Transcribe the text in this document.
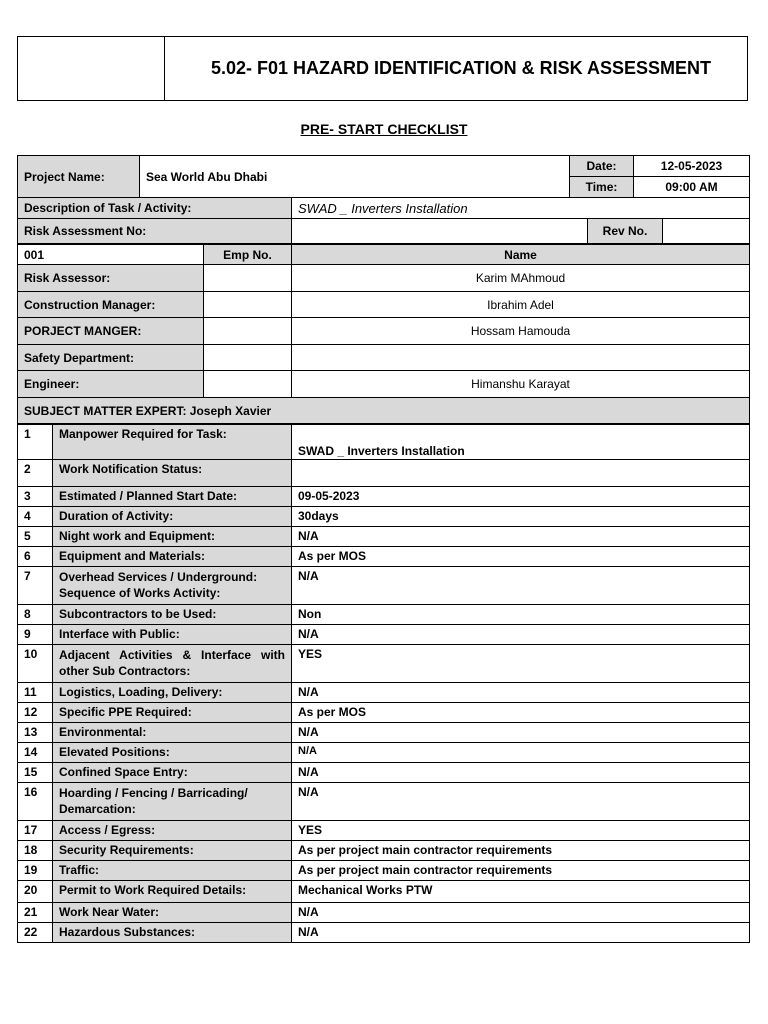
5.02- F01 HAZARD IDENTIFICATION & RISK ASSESSMENT
PRE- START CHECKLIST
Project Name:	Sea World Abu Dhabi	Date:	12-05-2023
		Time:	09:00 AM
Description of Task / Activity:	SWAD _ Inverters Installation		
Risk Assessment No:		Rev No.	
001	Emp No.	Name
Risk Assessor:		Karim MAhmoud
Construction Manager:		Ibrahim Adel
PORJECT MANGER:		Hossam Hamouda
Safety Department:		
Engineer:		Himanshu Karayat
SUBJECT MATTER EXPERT: Joseph Xavier		
1	Manpower Required for Task:	SWAD _ Inverters Installation
2	Work Notification Status:	
3	Estimated / Planned Start Date:	09-05-2023
4	Duration of Activity:	30days
5	Night work and Equipment:	N/A
6	Equipment and Materials:	As per MOS
7	Overhead Services / Underground: Sequence of Works Activity:	N/A
8	Subcontractors to be Used:	Non
9	Interface with Public:	N/A
10	Adjacent Activities & Interface with other Sub Contractors:	YES
11	Logistics, Loading, Delivery:	N/A
12	Specific PPE Required:	As per MOS
13	Environmental:	N/A
14	Elevated Positions:	N/A
15	Confined Space Entry:	N/A
16	Hoarding / Fencing / Barricading/ Demarcation:	N/A
17	Access / Egress:	YES
18	Security Requirements:	As per project main contractor requirements
19	Traffic:	As per project main contractor requirements
20	Permit to Work Required Details:	Mechanical Works PTW
21	Work Near Water:	N/A
22	Hazardous Substances:	N/A
